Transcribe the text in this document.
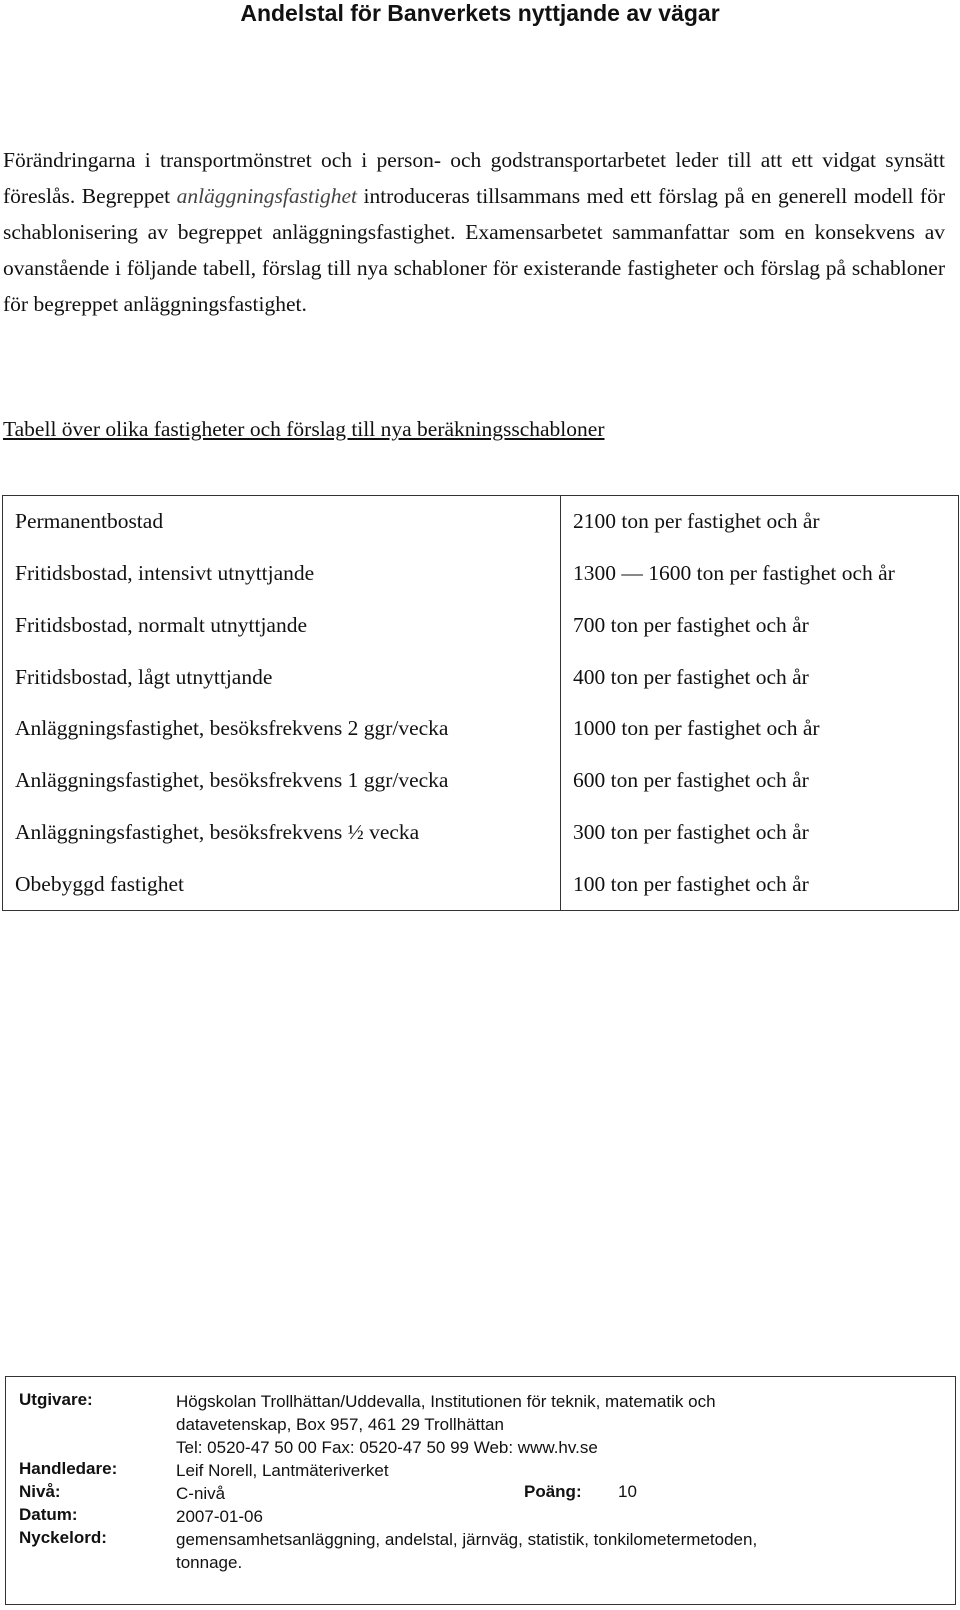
Andelstal för Banverkets nyttjande av vägar

Förändringarna i transportmönstret och i person- och godstransportarbetet leder till att ett vidgat synsätt föreslås. Begreppet anläggningsfastighet introduceras tillsammans med ett förslag på en generell modell för schablonisering av begreppet anläggningsfastighet. Examensarbetet sammanfattar som en konsekvens av ovanstående i följande tabell, förslag till nya schabloner för existerande fastigheter och förslag på schabloner för begreppet anläggningsfastighet.

Tabell över olika fastigheter och förslag till nya beräkningsschabloner

Permanentbostad	2100 ton per fastighet och år
Fritidsbostad, intensivt utnyttjande	1300 — 1600 ton per fastighet och år
Fritidsbostad, normalt utnyttjande	700 ton per fastighet och år
Fritidsbostad, lågt utnyttjande	400 ton per fastighet och år
Anläggningsfastighet, besöksfrekvens 2 ggr/vecka	1000 ton per fastighet och år
Anläggningsfastighet, besöksfrekvens 1 ggr/vecka	600 ton per fastighet och år
Anläggningsfastighet, besöksfrekvens ½ vecka	300 ton per fastighet och år
Obebyggd fastighet	100 ton per fastighet och år
Utgivare:	Högskolan Trollhättan/Uddevalla, Institutionen för teknik, matematik och
datavetenskap, Box 957, 461 29 Trollhättan
Tel: 0520-47 50 00 Fax: 0520-47 50 99 Web: www.hv.se
Handledare:	Leif Norell, Lantmäteriverket
Nivå:	C-nivå	Poäng: 10
Datum:	2007-01-06
Nyckelord:	gemensamhetsanläggning, andelstal, järnväg, statistik, tonkilometermetoden,
tonnage.
